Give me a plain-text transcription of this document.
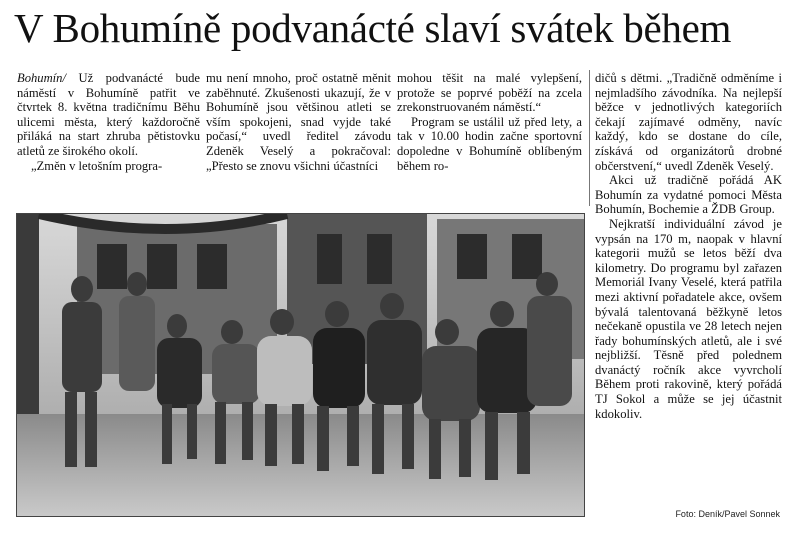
V Bohumíně podvanácté slaví svátek během

Bohumín/ Už podvanácté bude náměstí v Bohumíně patřit ve čtvrtek 8. května tradičnímu Běhu ulicemi města, který každoročně přiláká na start zhruba pětistovku atletů ze širokého okolí.

„Změn v letošním progra-

mu není mnoho, proč ostatně měnit zaběhnuté. Zkušenosti ukazují, že v Bohumíně jsou většinou atleti se vším spokojeni, snad vyjde také počasí,“ uvedl ředitel závodu Zdeněk Veselý a pokračoval: „Přesto se znovu všichni účastníci

mohou těšit na malé vylepšení, protože se poprvé poběží na zcela zrekonstruovaném náměstí.“

Program se ustálil už před lety, a tak v 10.00 hodin začne sportovní dopoledne v Bohumíně oblíbeným během ro-

dičů s dětmi. „Tradičně odměníme i nejmladšího závodníka. Na nejlepší běžce v jednotlivých kategoriích čekají zajímavé odměny, navíc každý, kdo se dostane do cíle, získává od organizátorů drobné občerstvení,“ uvedl Zdeněk Veselý.

Akci už tradičně pořádá AK Bohumín za vydatné pomoci Města Bohumín, Bochemie a ŽDB Group.

Nejkratší individuální závod je vypsán na 170 m, naopak v hlavní kategorii mužů se letos běží dva kilometry. Do programu byl zařazen Memoriál Ivany Veselé, která patřila mezi aktivní pořadatele akce, ovšem bývalá talentovaná běžkyně letos nečekaně opustila ve 28 letech nejen řady bohumínských atletů, ale i své nejbližší. Těsně před polednem dvanáctý ročník akce vyvrcholí Během proti rakovině, který pořádá TJ Sokol a může se jej účastnit kdokoliv.

Foto: Deník/Pavel Sonnek
